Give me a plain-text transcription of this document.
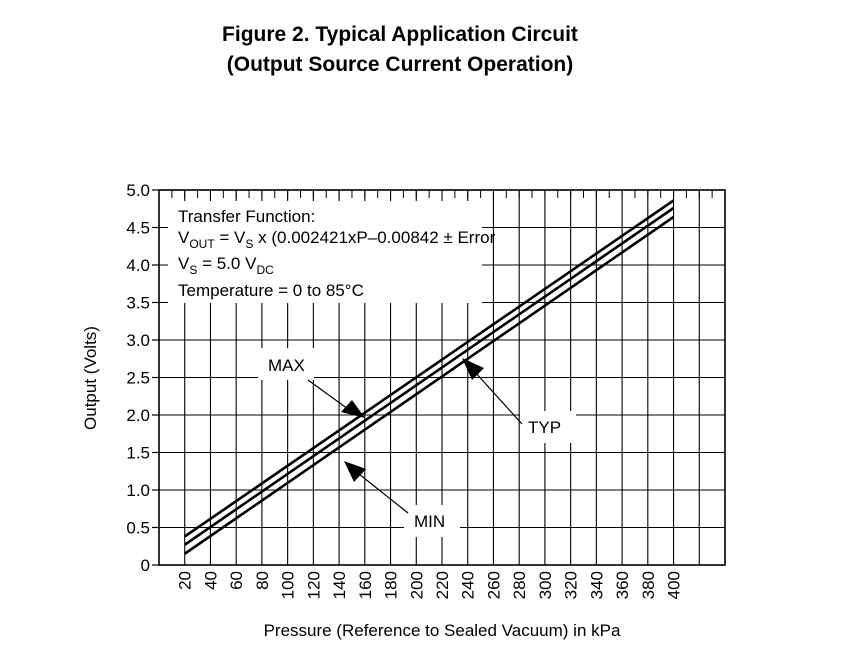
Figure 2. Typical Application Circuit
(Output Source Current Operation)
0
0.5
1.0
1.5
2.0
2.5
3.0
3.5
4.0
4.5
5.0
20 40 60 80 100 120 140 160 180 200 220 240 260 280 300 320 340 360 380 400
Transfer Function:
$V_{OUT} = V_S$ x (0.002421xP–0.00842 ± Error
$V_S = 5.0$ $V_{DC}$
Temperature = 0 to 85°C
MAX
TYP
MIN
Pressure (Reference to Sealed Vacuum) in kPa
Output (Volts)
